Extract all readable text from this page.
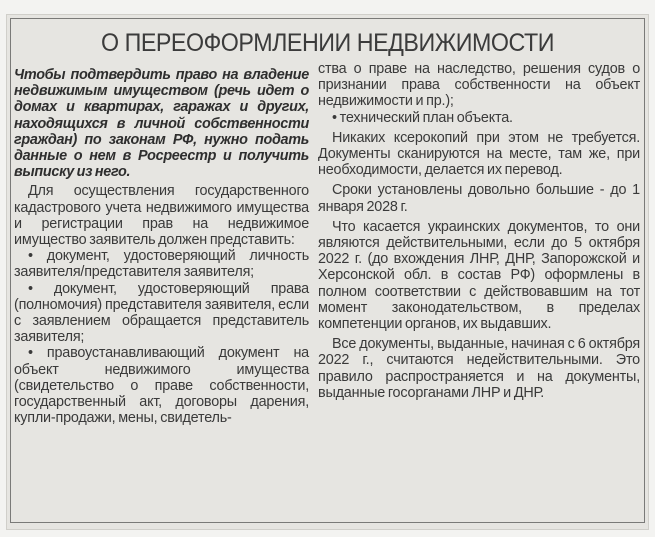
О ПЕРЕОФОРМЛЕНИИ НЕДВИЖИМОСТИ

Чтобы подтвердить право на владение недвижимым имуществом (речь идет о домах и квартирах, гаражах и других, находящихся в личной собственности граждан) по законам РФ, нужно подать данные о нем в Росреестр и получить выписку из него.

Для осуществления государственного кадастрового учета недвижимого имущества и регистрации прав на недвижимое имущество заявитель должен представить:

• документ, удостоверяющий личность заявителя/представителя заявителя;

• документ, удостоверяющий права (полномочия) представителя заявителя, если с заявлением обращается представитель заявителя;

• правоустанавливающий документ на объект недвижимого имущества (свидетельство о праве собственности, государственный акт, договоры дарения, купли-продажи, мены, свидетель-

ства о праве на наследство, решения судов о признании права собственности на объект недвижимости и пр.);

• технический план объекта.

Никаких ксерокопий при этом не требуется. Документы сканируются на месте, там же, при необходимости, делается их перевод.

Сроки установлены довольно большие - до 1 января 2028 г.

Что касается украинских документов, то они являются действительными, если до 5 октября 2022 г. (до вхождения ЛНР, ДНР, Запорожской и Херсонской обл. в состав РФ) оформлены в полном соответствии с действовавшим на тот момент законодательством, в пределах компетенции органов, их выдавших.

Все документы, выданные, начиная с 6 октября 2022 г., считаются недействительными. Это правило распространяется и на документы, выданные госорганами ЛНР и ДНР.
